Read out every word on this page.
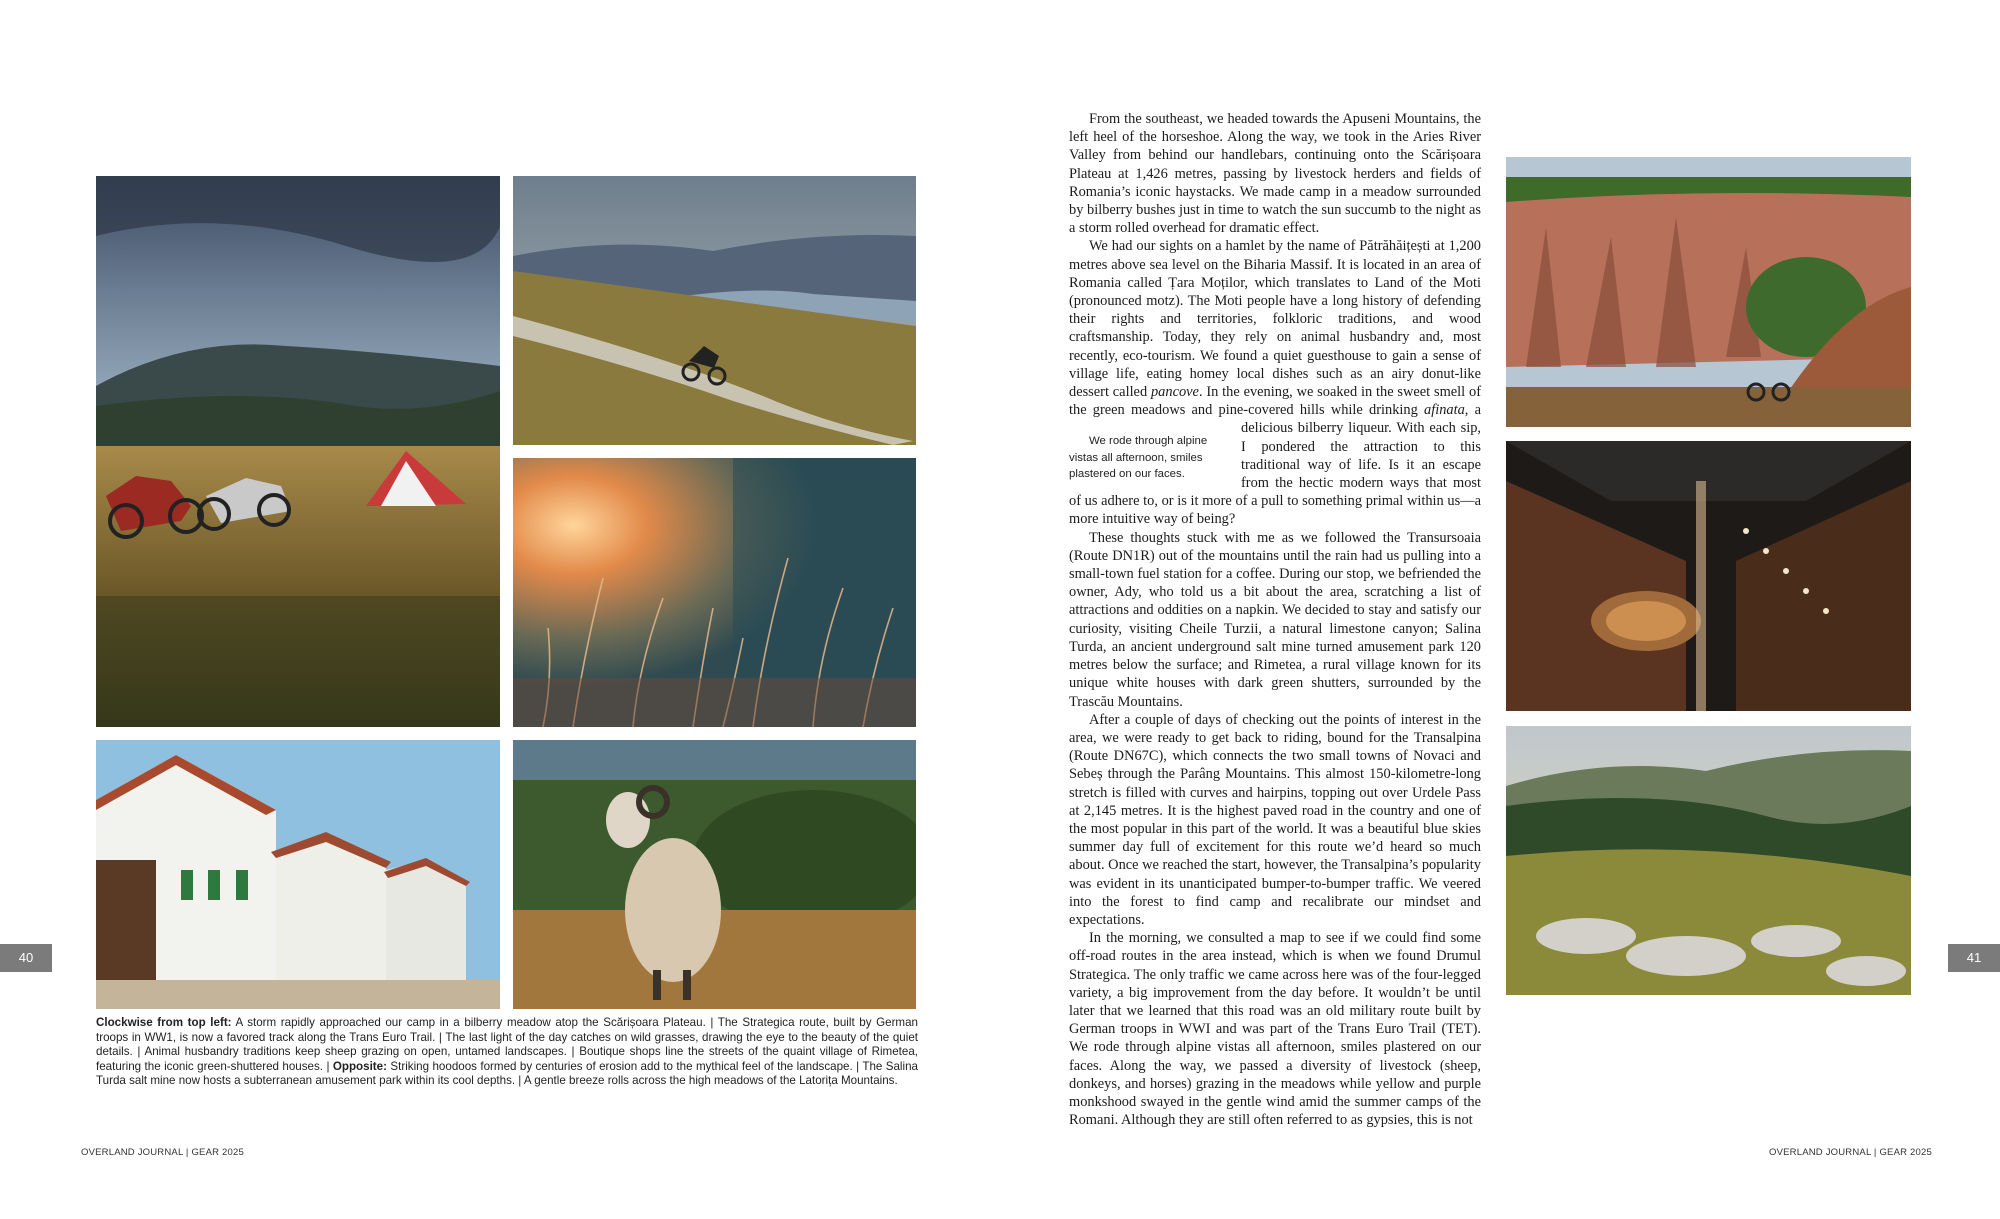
Clockwise from top left: A storm rapidly approached our camp in a bilberry meadow atop the Scărișoara Plateau. | The Strategica route, built by German troops in WW1, is now a favored track along the Trans Euro Trail. | The last light of the day catches on wild grasses, drawing the eye to the beauty of the quiet details. | Animal husbandry traditions keep sheep grazing on open, untamed landscapes. | Boutique shops line the streets of the quaint village of Rimetea, featuring the iconic green-shuttered houses. | Opposite: Striking hoodoos formed by centuries of erosion add to the mythical feel of the landscape. | The Salina Turda salt mine now hosts a subterranean amusement park within its cool depths. | A gentle breeze rolls across the high meadows of the Latorița Mountains.
40	41
OVERLAND JOURNAL | GEAR 2025	OVERLAND JOURNAL | GEAR 2025

From the southeast, we headed towards the Apuseni Mountains, the left heel of the horseshoe. Along the way, we took in the Aries River Valley from behind our handlebars, continuing onto the Scărișoara Plateau at 1,426 metres, passing by livestock herders and fields of Romania’s iconic haystacks. We made camp in a meadow surrounded by bilberry bushes just in time to watch the sun succumb to the night as a storm rolled overhead for dramatic effect.

We had our sights on a hamlet by the name of Pătrăhăițești at 1,200 metres above sea level on the Biharia Massif. It is located in an area of Romania called Țara Moților, which translates to Land of the Moti (pronounced motz). The Moti people have a long history of defending their rights and territories, folkloric traditions, and wood craftsmanship. Today, they rely on animal husbandry and, most recently, eco-tourism. We found a quiet guesthouse to gain a sense of village life, eating homey local dishes such as an airy donut-like dessert called pancove. In the evening, we soaked in the sweet smell of the green meadows and pine-covered hills while drinking
We rode through alpine vistas all afternoon, smiles plastered on our faces.
afinata, a delicious bilberry liqueur. With each sip, I pondered the attraction to this traditional way of life. Is it an escape from the hectic modern ways that most of us adhere to, or is it more of a pull to something primal within us—a more intuitive way of being?

These thoughts stuck with me as we followed the Transursoaia (Route DN1R) out of the mountains until the rain had us pulling into a small-town fuel station for a coffee. During our stop, we befriended the owner, Ady, who told us a bit about the area, scratching a list of attractions and oddities on a napkin. We decided to stay and satisfy our curiosity, visiting Cheile Turzii, a natural limestone canyon; Salina Turda, an ancient underground salt mine turned amusement park 120 metres below the surface; and Rimetea, a rural village known for its unique white houses with dark green shutters, surrounded by the Trascău Mountains.

After a couple of days of checking out the points of interest in the area, we were ready to get back to riding, bound for the Transalpina (Route DN67C), which connects the two small towns of Novaci and Sebeș through the Parâng Mountains. This almost 150-kilometre-long stretch is filled with curves and hairpins, topping out over Urdele Pass at 2,145 metres. It is the highest paved road in the country and one of the most popular in this part of the world. It was a beautiful blue skies summer day full of excitement for this route we’d heard so much about. Once we reached the start, however, the Transalpina’s popularity was evident in its unanticipated bumper-to-bumper traffic. We veered into the forest to find camp and recalibrate our mindset and expectations.

In the morning, we consulted a map to see if we could find some off-road routes in the area instead, which is when we found Drumul Strategica. The only traffic we came across here was of the four-legged variety, a big improvement from the day before. It wouldn’t be until later that we learned that this road was an old military route built by German troops in WWI and was part of the Trans Euro Trail (TET). We rode through alpine vistas all afternoon, smiles plastered on our faces. Along the way, we passed a diversity of livestock (sheep, donkeys, and horses) grazing in the meadows while yellow and purple monkshood swayed in the gentle wind amid the summer camps of the Romani. Although they are still often referred to as gypsies, this is not
